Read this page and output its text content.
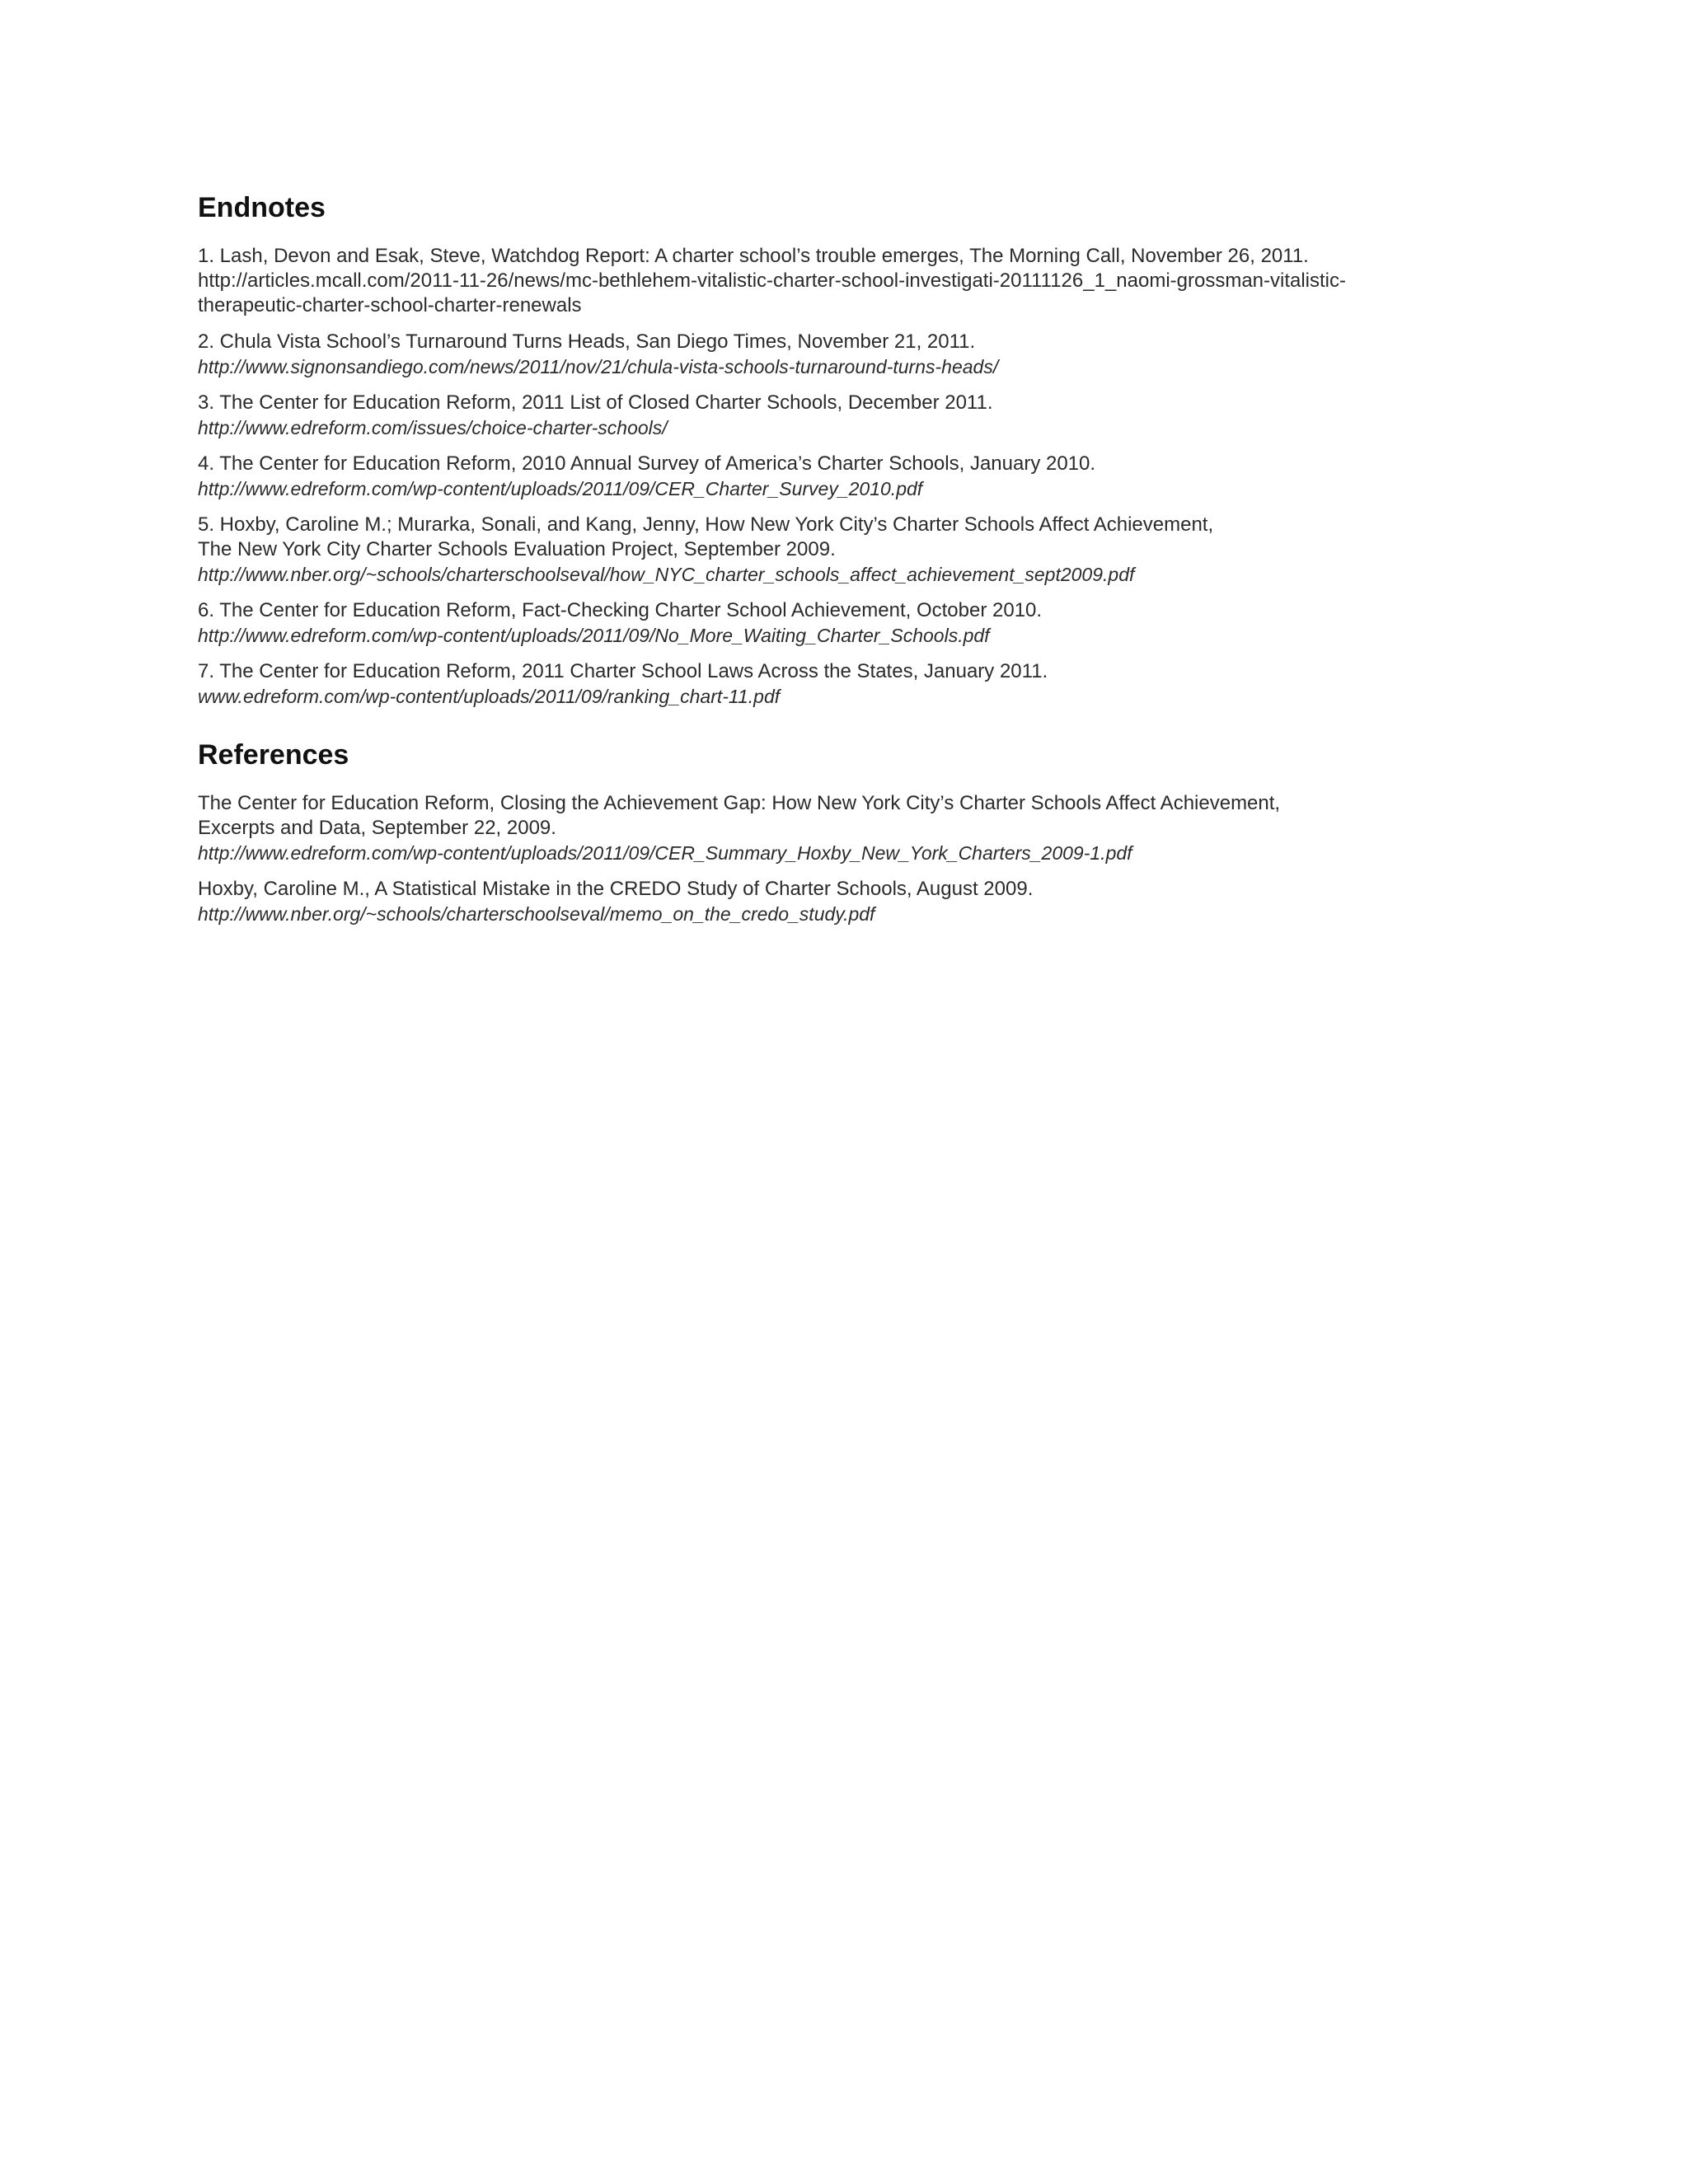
Endnotes
1. Lash, Devon and Esak, Steve, Watchdog Report: A charter school’s trouble emerges, The Morning Call, November 26, 2011.
http://articles.mcall.com/2011-11-26/news/mc-bethlehem-vitalistic-charter-school-investigati-20111126_1_naomi-grossman-vitalistic-
therapeutic-charter-school-charter-renewals
2. Chula Vista School’s Turnaround Turns Heads, San Diego Times, November 21, 2011.
http://www.signonsandiego.com/news/2011/nov/21/chula-vista-schools-turnaround-turns-heads/
3. The Center for Education Reform, 2011 List of Closed Charter Schools, December 2011.
http://www.edreform.com/issues/choice-charter-schools/
4. The Center for Education Reform, 2010 Annual Survey of America’s Charter Schools, January 2010.
http://www.edreform.com/wp-content/uploads/2011/09/CER_Charter_Survey_2010.pdf
5. Hoxby, Caroline M.; Murarka, Sonali, and Kang, Jenny, How New York City’s Charter Schools Affect Achievement,
The New York City Charter Schools Evaluation Project, September 2009.
http://www.nber.org/~schools/charterschoolseval/how_NYC_charter_schools_affect_achievement_sept2009.pdf
6. The Center for Education Reform, Fact-Checking Charter School Achievement, October 2010.
http://www.edreform.com/wp-content/uploads/2011/09/No_More_Waiting_Charter_Schools.pdf
7. The Center for Education Reform, 2011 Charter School Laws Across the States, January 2011.
www.edreform.com/wp-content/uploads/2011/09/ranking_chart-11.pdf
References
The Center for Education Reform, Closing the Achievement Gap: How New York City’s Charter Schools Affect Achievement,
Excerpts and Data, September 22, 2009.
http://www.edreform.com/wp-content/uploads/2011/09/CER_Summary_Hoxby_New_York_Charters_2009-1.pdf
Hoxby, Caroline M., A Statistical Mistake in the CREDO Study of Charter Schools, August 2009.
http://www.nber.org/~schools/charterschoolseval/memo_on_the_credo_study.pdf
